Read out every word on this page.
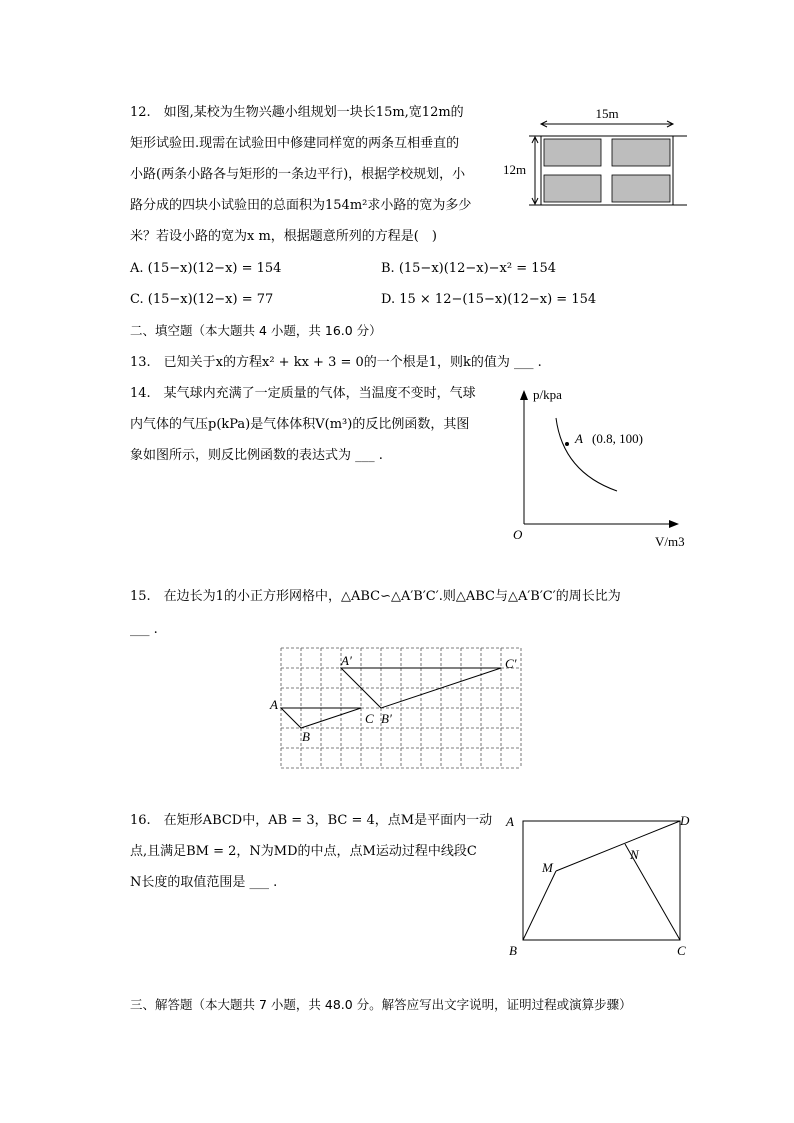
12.　如图,某校为生物兴趣小组规划一块长15m,宽12m的
矩形试验田.现需在试验田中修建同样宽的两条互相垂直的
小路(两条小路各与矩形的一条边平行)，根据学校规划，小
路分成的四块小试验田的总面积为154m²求小路的宽为多少
米？若设小路的宽为x m，根据题意所列的方程是(　)
A. (15−x)(12−x) = 154	B. (15−x)(12−x)−x² = 154
C. (15−x)(12−x) = 77	D. 15 × 12−(15−x)(12−x) = 154
15m
12m
二、填空题（本大题共 4 小题，共 16.0 分）
13.　已知关于x的方程x² + kx + 3 = 0的一个根是1，则k的值为 ___ .
14.　某气球内充满了一定质量的气体，当温度不变时，气球
内气体的气压p(kPa)是气体体积V(m³)的反比例函数，其图
象如图所示，则反比例函数的表达式为 ___ .
p/kpa
V/m3
O
A (0.8, 100)
15.　在边长为1的小正方形网格中，△ABC∽△A′B′C′.则△ABC与△A′B′C′的周长比为
___ .
A
B
C
A′
B′
C′
16.　在矩形ABCD中，AB = 3，BC = 4，点M是平面内一动
点,且满足BM = 2，N为MD的中点，点M运动过程中线段C
N长度的取值范围是 ___ .
A
B	C
D
M
N
三、解答题（本大题共 7 小题，共 48.0 分。解答应写出文字说明，证明过程或演算步骤）
